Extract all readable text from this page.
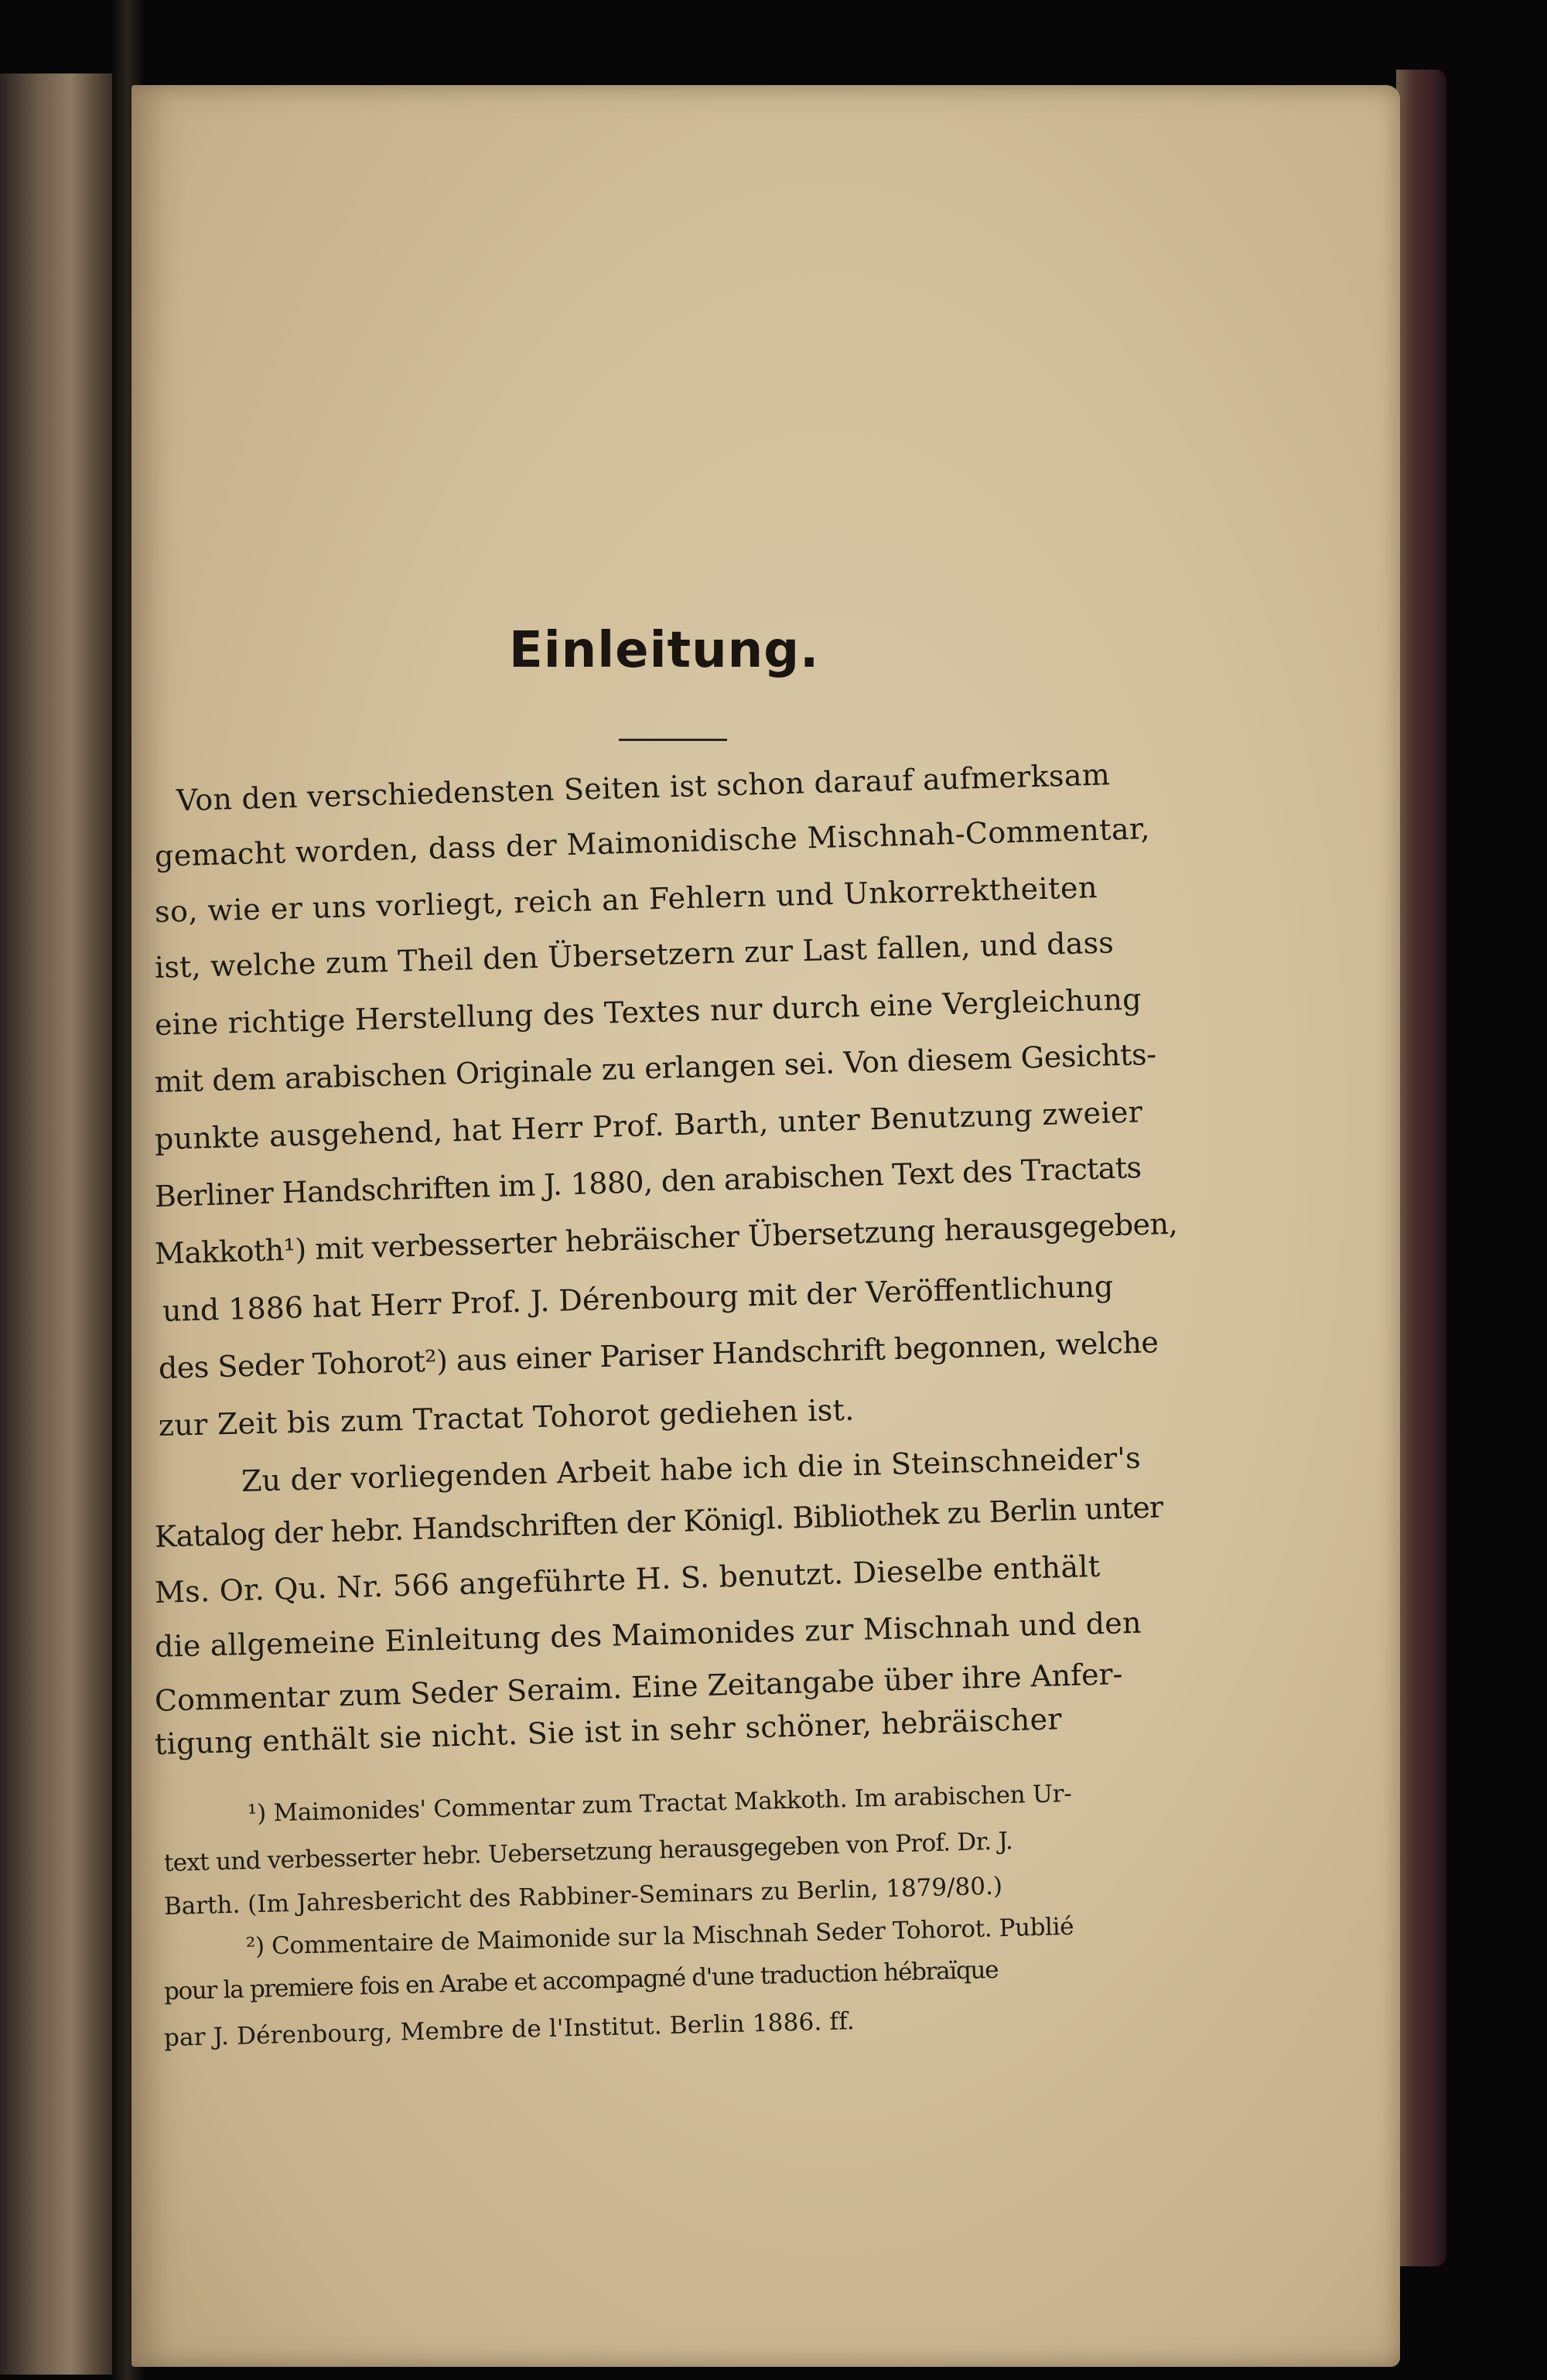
Einleitung.
Von den verschiedensten Seiten ist schon darauf aufmerksam
gemacht worden, dass der Maimonidische Mischnah-Commentar,
so, wie er uns vorliegt, reich an Fehlern und Unkorrektheiten
ist, welche zum Theil den Übersetzern zur Last fallen, und dass
eine richtige Herstellung des Textes nur durch eine Vergleichung
mit dem arabischen Originale zu erlangen sei. Von diesem Gesichts-
punkte ausgehend, hat Herr Prof. Barth, unter Benutzung zweier
Berliner Handschriften im J. 1880, den arabischen Text des Tractats
Makkoth¹) mit verbesserter hebräischer Übersetzung herausgegeben,
und 1886 hat Herr Prof. J. Dérenbourg mit der Veröffentlichung
des Seder Tohorot²) aus einer Pariser Handschrift begonnen, welche
zur Zeit bis zum Tractat Tohorot gediehen ist.
Zu der vorliegenden Arbeit habe ich die in Steinschneider's
Katalog der hebr. Handschriften der Königl. Bibliothek zu Berlin unter
Ms. Or. Qu. Nr. 566 angeführte H. S. benutzt. Dieselbe enthält
die allgemeine Einleitung des Maimonides zur Mischnah und den
Commentar zum Seder Seraim. Eine Zeitangabe über ihre Anfer-
tigung enthält sie nicht. Sie ist in sehr schöner, hebräischer
¹) Maimonides' Commentar zum Tractat Makkoth. Im arabischen Ur-
text und verbesserter hebr. Uebersetzung herausgegeben von Prof. Dr. J.
Barth. (Im Jahresbericht des Rabbiner-Seminars zu Berlin, 1879/80.)
²) Commentaire de Maimonide sur la Mischnah Seder Tohorot. Publié
pour la premiere fois en Arabe et accompagné d'une traduction hébraïque
par J. Dérenbourg, Membre de l'Institut. Berlin 1886. ff.
